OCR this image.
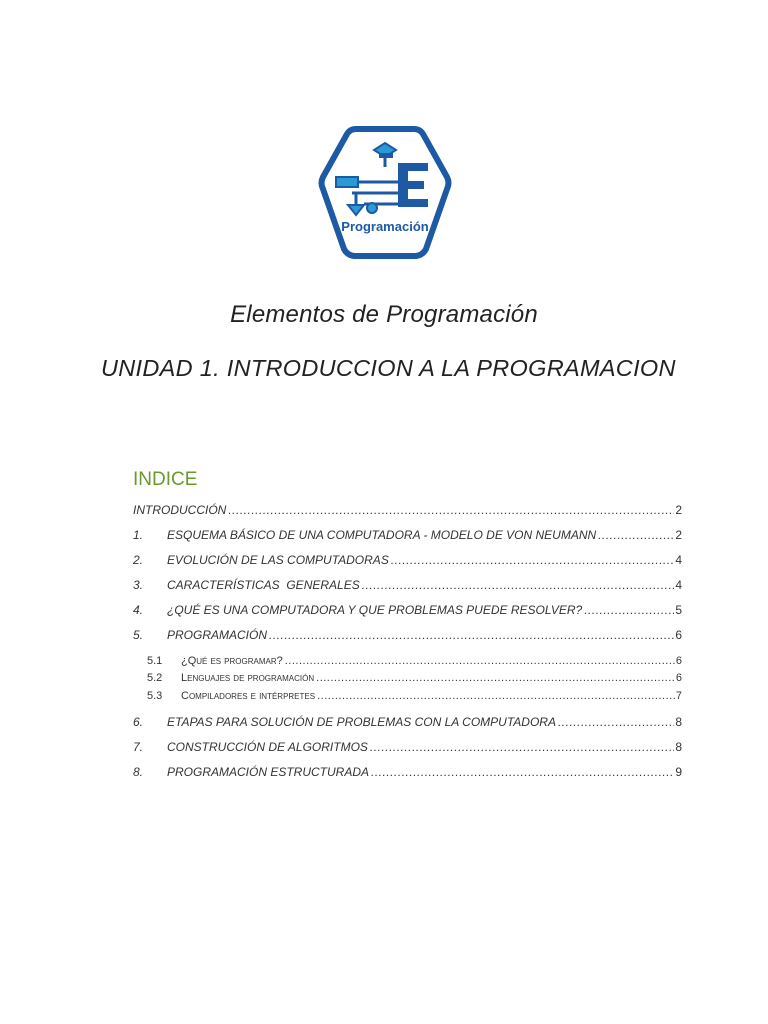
Programación
Elementos de Programación
UNIDAD 1. INTRODUCCION A LA PROGRAMACION
INDICE
INTRODUCCIÓN .....	2
1.	ESQUEMA BÁSICO DE UNA COMPUTADORA - MODELO DE VON NEUMANN .....	2
2.	EVOLUCIÓN DE LAS COMPUTADORAS .....	4
3.	CARACTERÍSTICAS  GENERALES .....	4
4.	¿QUÉ ES UNA COMPUTADORA Y QUE PROBLEMAS PUEDE RESOLVER? .....	5
5.	PROGRAMACIÓN .....	6
5.1	¿Qué es programar? .....	6
5.2	Lenguajes de programación .....	6
5.3	Compiladores e intérpretes .....	7
6.	ETAPAS PARA SOLUCIÓN DE PROBLEMAS CON LA COMPUTADORA .....	8
7.	CONSTRUCCIÓN DE ALGORITMOS .....	8
8.	PROGRAMACIÓN ESTRUCTURADA .....	9
